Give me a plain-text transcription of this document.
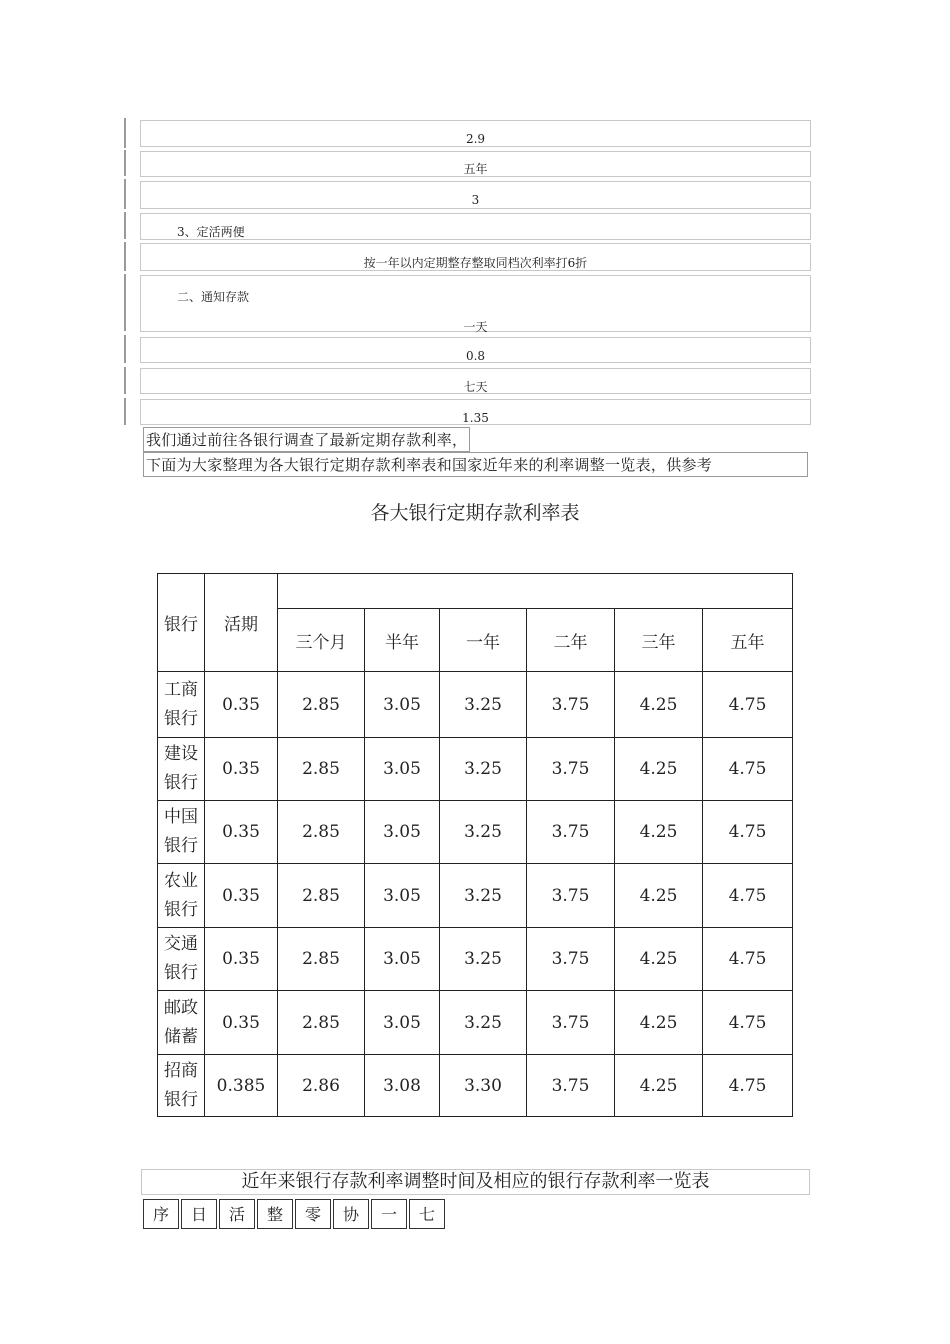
2.9
五年
3
3、定活两便
按一年以内定期整存整取同档次利率打6折
二、通知存款
一天
0.8
七天
1.35
我们通过前往各银行调查了最新定期存款利率，
下面为大家整理为各大银行定期存款利率表和国家近年来的利率调整一览表，供参考
各大银行定期存款利率表
银行	活期						
		三个月	半年	一年	二年	三年	五年

工商
银行	0.35	2.85	3.05	3.25	3.75	4.25	4.75

建设
银行	0.35	2.85	3.05	3.25	3.75	4.25	4.75

中国
银行	0.35	2.85	3.05	3.25	3.75	4.25	4.75

农业
银行	0.35	2.85	3.05	3.25	3.75	4.25	4.75

交通
银行	0.35	2.85	3.05	3.25	3.75	4.25	4.75

邮政
储蓄	0.35	2.85	3.05	3.25	3.75	4.25	4.75

招商
银行	0.385	2.86	3.08	3.30	3.75	4.25	4.75
近年来银行存款利率调整时间及相应的银行存款利率一览表
序	日	活	整	零	协	一	七
